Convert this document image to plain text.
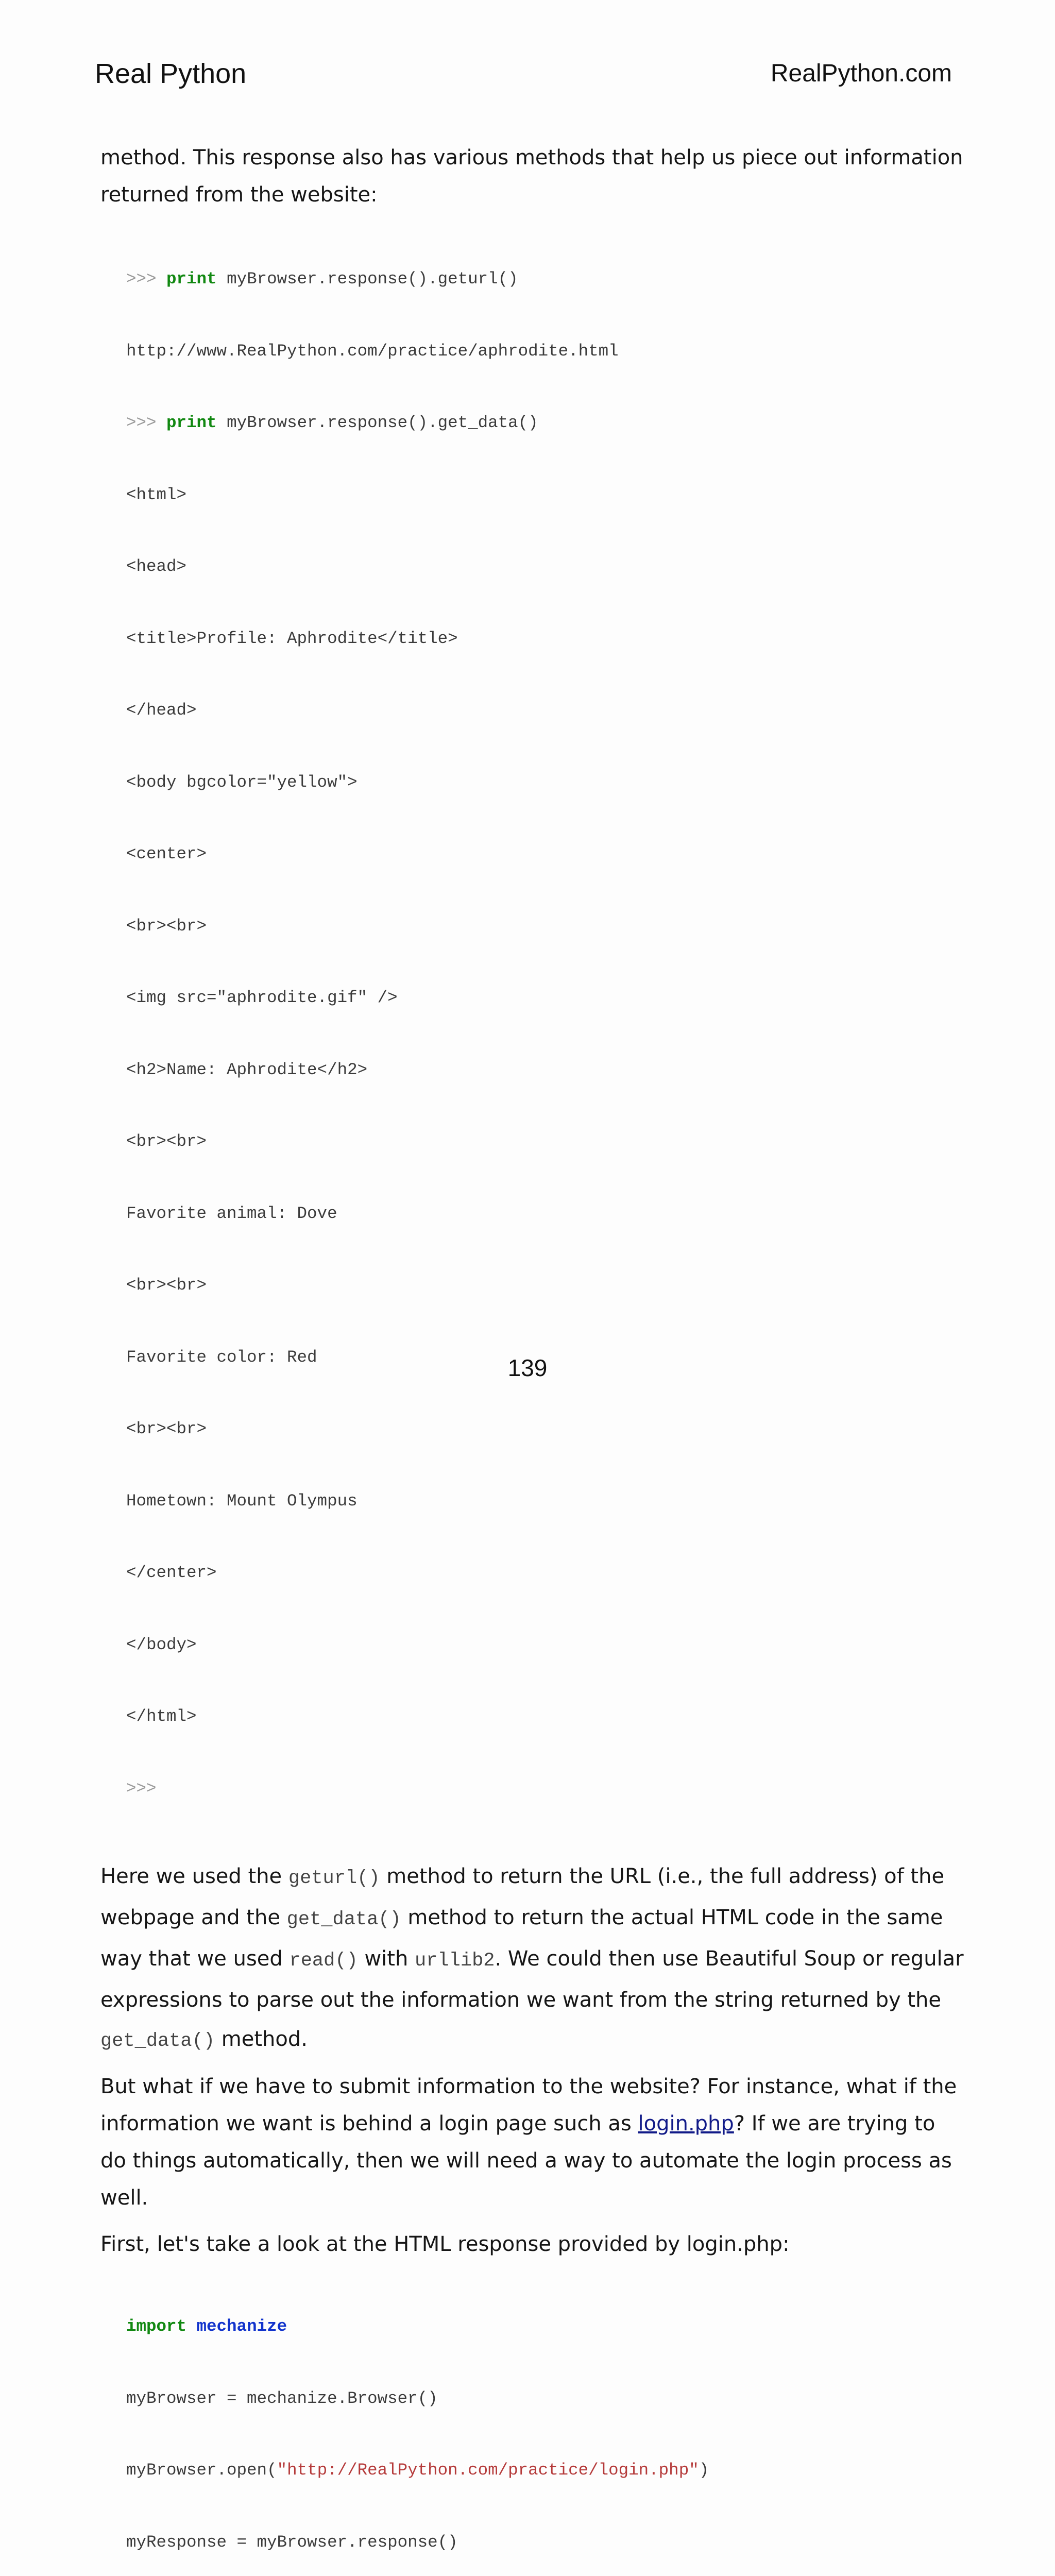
Real Python	RealPython.com

method. This response also has various methods that help us piece out information returned from the website:

>>> print myBrowser.response().geturl()

http://www.RealPython.com/practice/aphrodite.html

>>> print myBrowser.response().get_data()

<html>

<head>

<title>Profile: Aphrodite</title>

</head>

<body bgcolor="yellow">

<center>

<br><br>

<img src="aphrodite.gif" />

<h2>Name: Aphrodite</h2>

<br><br>

Favorite animal: Dove

<br><br>

Favorite color: Red

<br><br>

Hometown: Mount Olympus

</center>

</body>

</html>

>>>

Here we used the geturl() method to return the URL (i.e., the full address) of the webpage and the get_data() method to return the actual HTML code in the same way that we used read() with urllib2. We could then use Beautiful Soup or regular expressions to parse out the information we want from the string returned by the get_data() method.

But what if we have to submit information to the website? For instance, what if the information we want is behind a login page such as login.php? If we are trying to do things automatically, then we will need a way to automate the login process as well.

First, let's take a look at the HTML response provided by login.php:

import mechanize

myBrowser = mechanize.Browser()

myBrowser.open("http://RealPython.com/practice/login.php")

myResponse = myBrowser.response()

139
